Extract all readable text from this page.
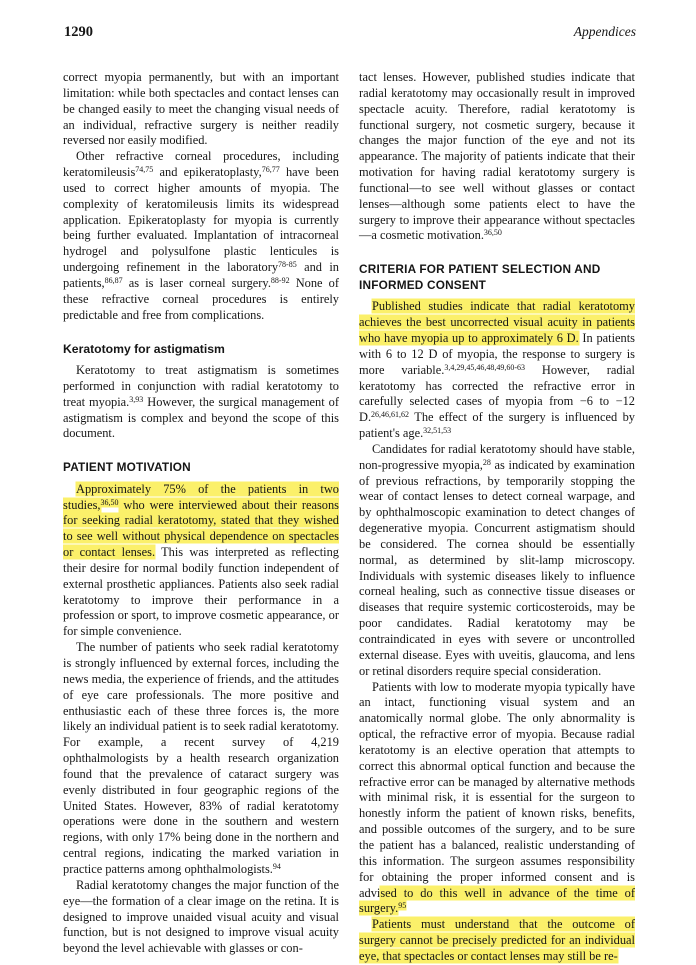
1290	Appendices

correct myopia permanently, but with an important limitation: while both spectacles and contact lenses can be changed easily to meet the changing visual needs of an individual, refractive surgery is neither readily reversed nor easily modified.

Other refractive corneal procedures, including keratomileusis$^{74,75}$ and epikeratoplasty,$^{76,77}$ have been used to correct higher amounts of myopia. The complexity of keratomileusis limits its widespread application. Epikeratoplasty for myopia is currently being further evaluated. Implantation of intracorneal hydrogel and polysulfone plastic lenticules is undergoing refinement in the laboratory$^{78-85}$ and in patients,$^{86,87}$ as is laser corneal surgery.$^{88-92}$ None of these refractive corneal procedures is entirely predictable and free from complications.

Keratotomy for astigmatism

Keratotomy to treat astigmatism is sometimes performed in conjunction with radial keratotomy to treat myopia.$^{3,93}$ However, the surgical management of astigmatism is complex and beyond the scope of this document.

PATIENT MOTIVATION

Approximately 75% of the patients in two studies,$^{36,50}$ who were interviewed about their reasons for seeking radial keratotomy, stated that they wished to see well without physical dependence on spectacles or contact lenses. This was interpreted as reflecting their desire for normal bodily function independent of external prosthetic appliances. Patients also seek radial keratotomy to improve their performance in a profession or sport, to improve cosmetic appearance, or for simple convenience.

The number of patients who seek radial keratotomy is strongly influenced by external forces, including the news media, the experience of friends, and the attitudes of eye care professionals. The more positive and enthusiastic each of these three forces is, the more likely an individual patient is to seek radial keratotomy. For example, a recent survey of 4,219 ophthalmologists by a health research organization found that the prevalence of cataract surgery was evenly distributed in four geographic regions of the United States. However, 83% of radial keratotomy operations were done in the southern and western regions, with only 17% being done in the northern and central regions, indicating the marked variation in practice patterns among ophthalmologists.$^{94}$

Radial keratotomy changes the major function of the eye—the formation of a clear image on the retina. It is designed to improve unaided visual acuity and visual function, but is not designed to improve visual acuity beyond the level achievable with glasses or con-

tact lenses. However, published studies indicate that radial keratotomy may occasionally result in improved spectacle acuity. Therefore, radial keratotomy is functional surgery, not cosmetic surgery, because it changes the major function of the eye and not its appearance. The majority of patients indicate that their motivation for having radial keratotomy surgery is functional—to see well without glasses or contact lenses—although some patients elect to have the surgery to improve their appearance without spectacles—a cosmetic motivation.$^{36,50}$

CRITERIA FOR PATIENT SELECTION AND INFORMED CONSENT

Published studies indicate that radial keratotomy achieves the best uncorrected visual acuity in patients who have myopia up to approximately 6 D. In patients with 6 to 12 D of myopia, the response to surgery is more variable.$^{3,4,29,45,46,48,49,60-63}$ However, radial keratotomy has corrected the refractive error in carefully selected cases of myopia from −6 to −12 D.$^{26,46,61,62}$ The effect of the surgery is influenced by patient's age.$^{32,51,53}$

Candidates for radial keratotomy should have stable, non-progressive myopia,$^{28}$ as indicated by examination of previous refractions, by temporarily stopping the wear of contact lenses to detect corneal warpage, and by ophthalmoscopic examination to detect changes of degenerative myopia. Concurrent astigmatism should be considered. The cornea should be essentially normal, as determined by slit-lamp microscopy. Individuals with systemic diseases likely to influence corneal healing, such as connective tissue diseases or diseases that require systemic corticosteroids, may be poor candidates. Radial keratotomy may be contraindicated in eyes with severe or uncontrolled external disease. Eyes with uveitis, glaucoma, and lens or retinal disorders require special consideration.

Patients with low to moderate myopia typically have an intact, functioning visual system and an anatomically normal globe. The only abnormality is optical, the refractive error of myopia. Because radial keratotomy is an elective operation that attempts to correct this abnormal optical function and because the refractive error can be managed by alternative methods with minimal risk, it is essential for the surgeon to honestly inform the patient of known risks, benefits, and possible outcomes of the surgery, and to be sure the patient has a balanced, realistic understanding of this information. The surgeon assumes responsibility for obtaining the proper informed consent and is advised to do this well in advance of the time of surgery.$^{95}$

Patients must understand that the outcome of surgery cannot be precisely predicted for an individual eye, that spectacles or contact lenses may still be re-
